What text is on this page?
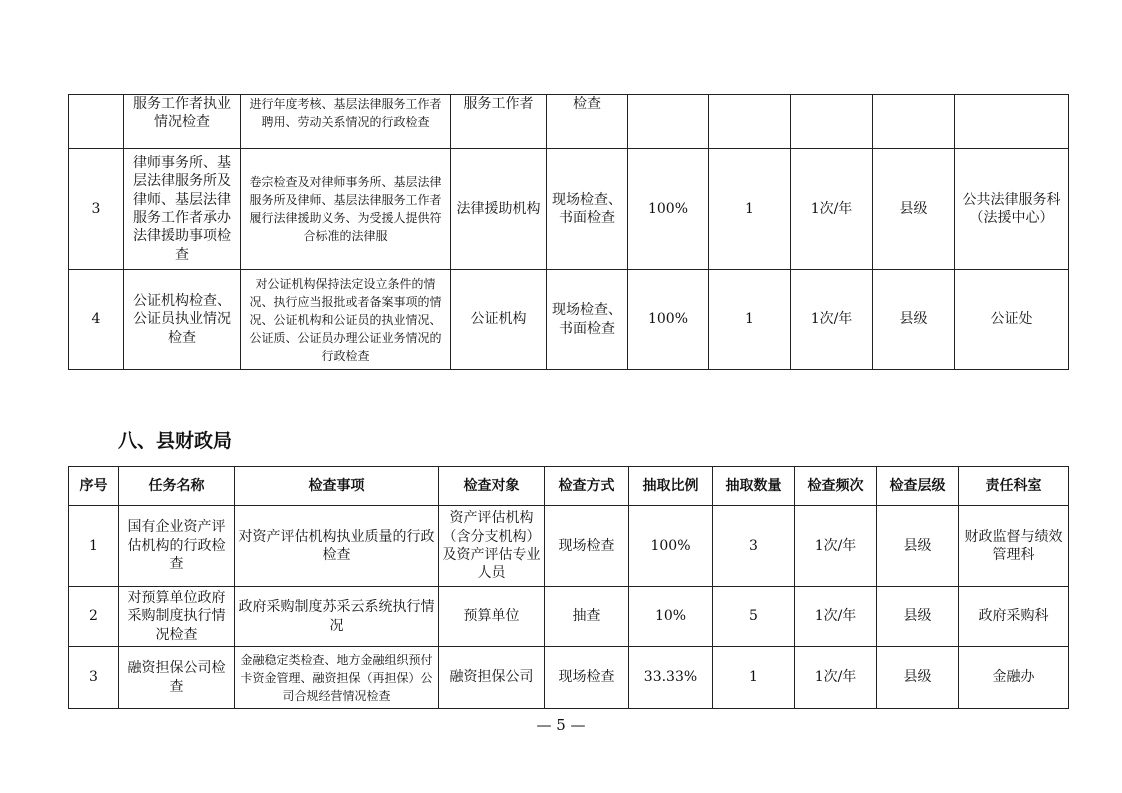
	服务工作者执业情况检查	进行年度考核、基层法律服务工作者聘用、劳动关系情况的行政检查	服务工作者	检查					
3	律师事务所、基层法律服务所及律师、基层法律服务工作者承办法律援助事项检查	卷宗检查及对律师事务所、基层法律服务所及律师、基层法律服务工作者履行法律援助义务、为受援人提供符合标准的法律服	法律援助机构	现场检查、书面检查	100%	1	1次/年	县级	公共法律服务科（法援中心）
4	公证机构检查、公证员执业情况检查	对公证机构保持法定设立条件的情况、执行应当报批或者备案事项的情况、公证机构和公证员的执业情况、公证质、公证员办理公证业务情况的行政检查	公证机构	现场检查、书面检查	100%	1	1次/年	县级	公证处
八、县财政局
序号	任务名称	检查事项	检查对象	检查方式	抽取比例	抽取数量	检查频次	检查层级	责任科室
1	国有企业资产评估机构的行政检查	对资产评估机构执业质量的行政检查	资产评估机构（含分支机构）及资产评估专业人员	现场检查	100%	3	1次/年	县级	财政监督与绩效管理科
2	对预算单位政府采购制度执行情况检查	政府采购制度苏采云系统执行情况	预算单位	抽查	10%	5	1次/年	县级	政府采购科
3	融资担保公司检查	金融稳定类检查、地方金融组织预付卡资金管理、融资担保（再担保）公司合规经营情况检查	融资担保公司	现场检查	33.33%	1	1次/年	县级	金融办
— 5 —
